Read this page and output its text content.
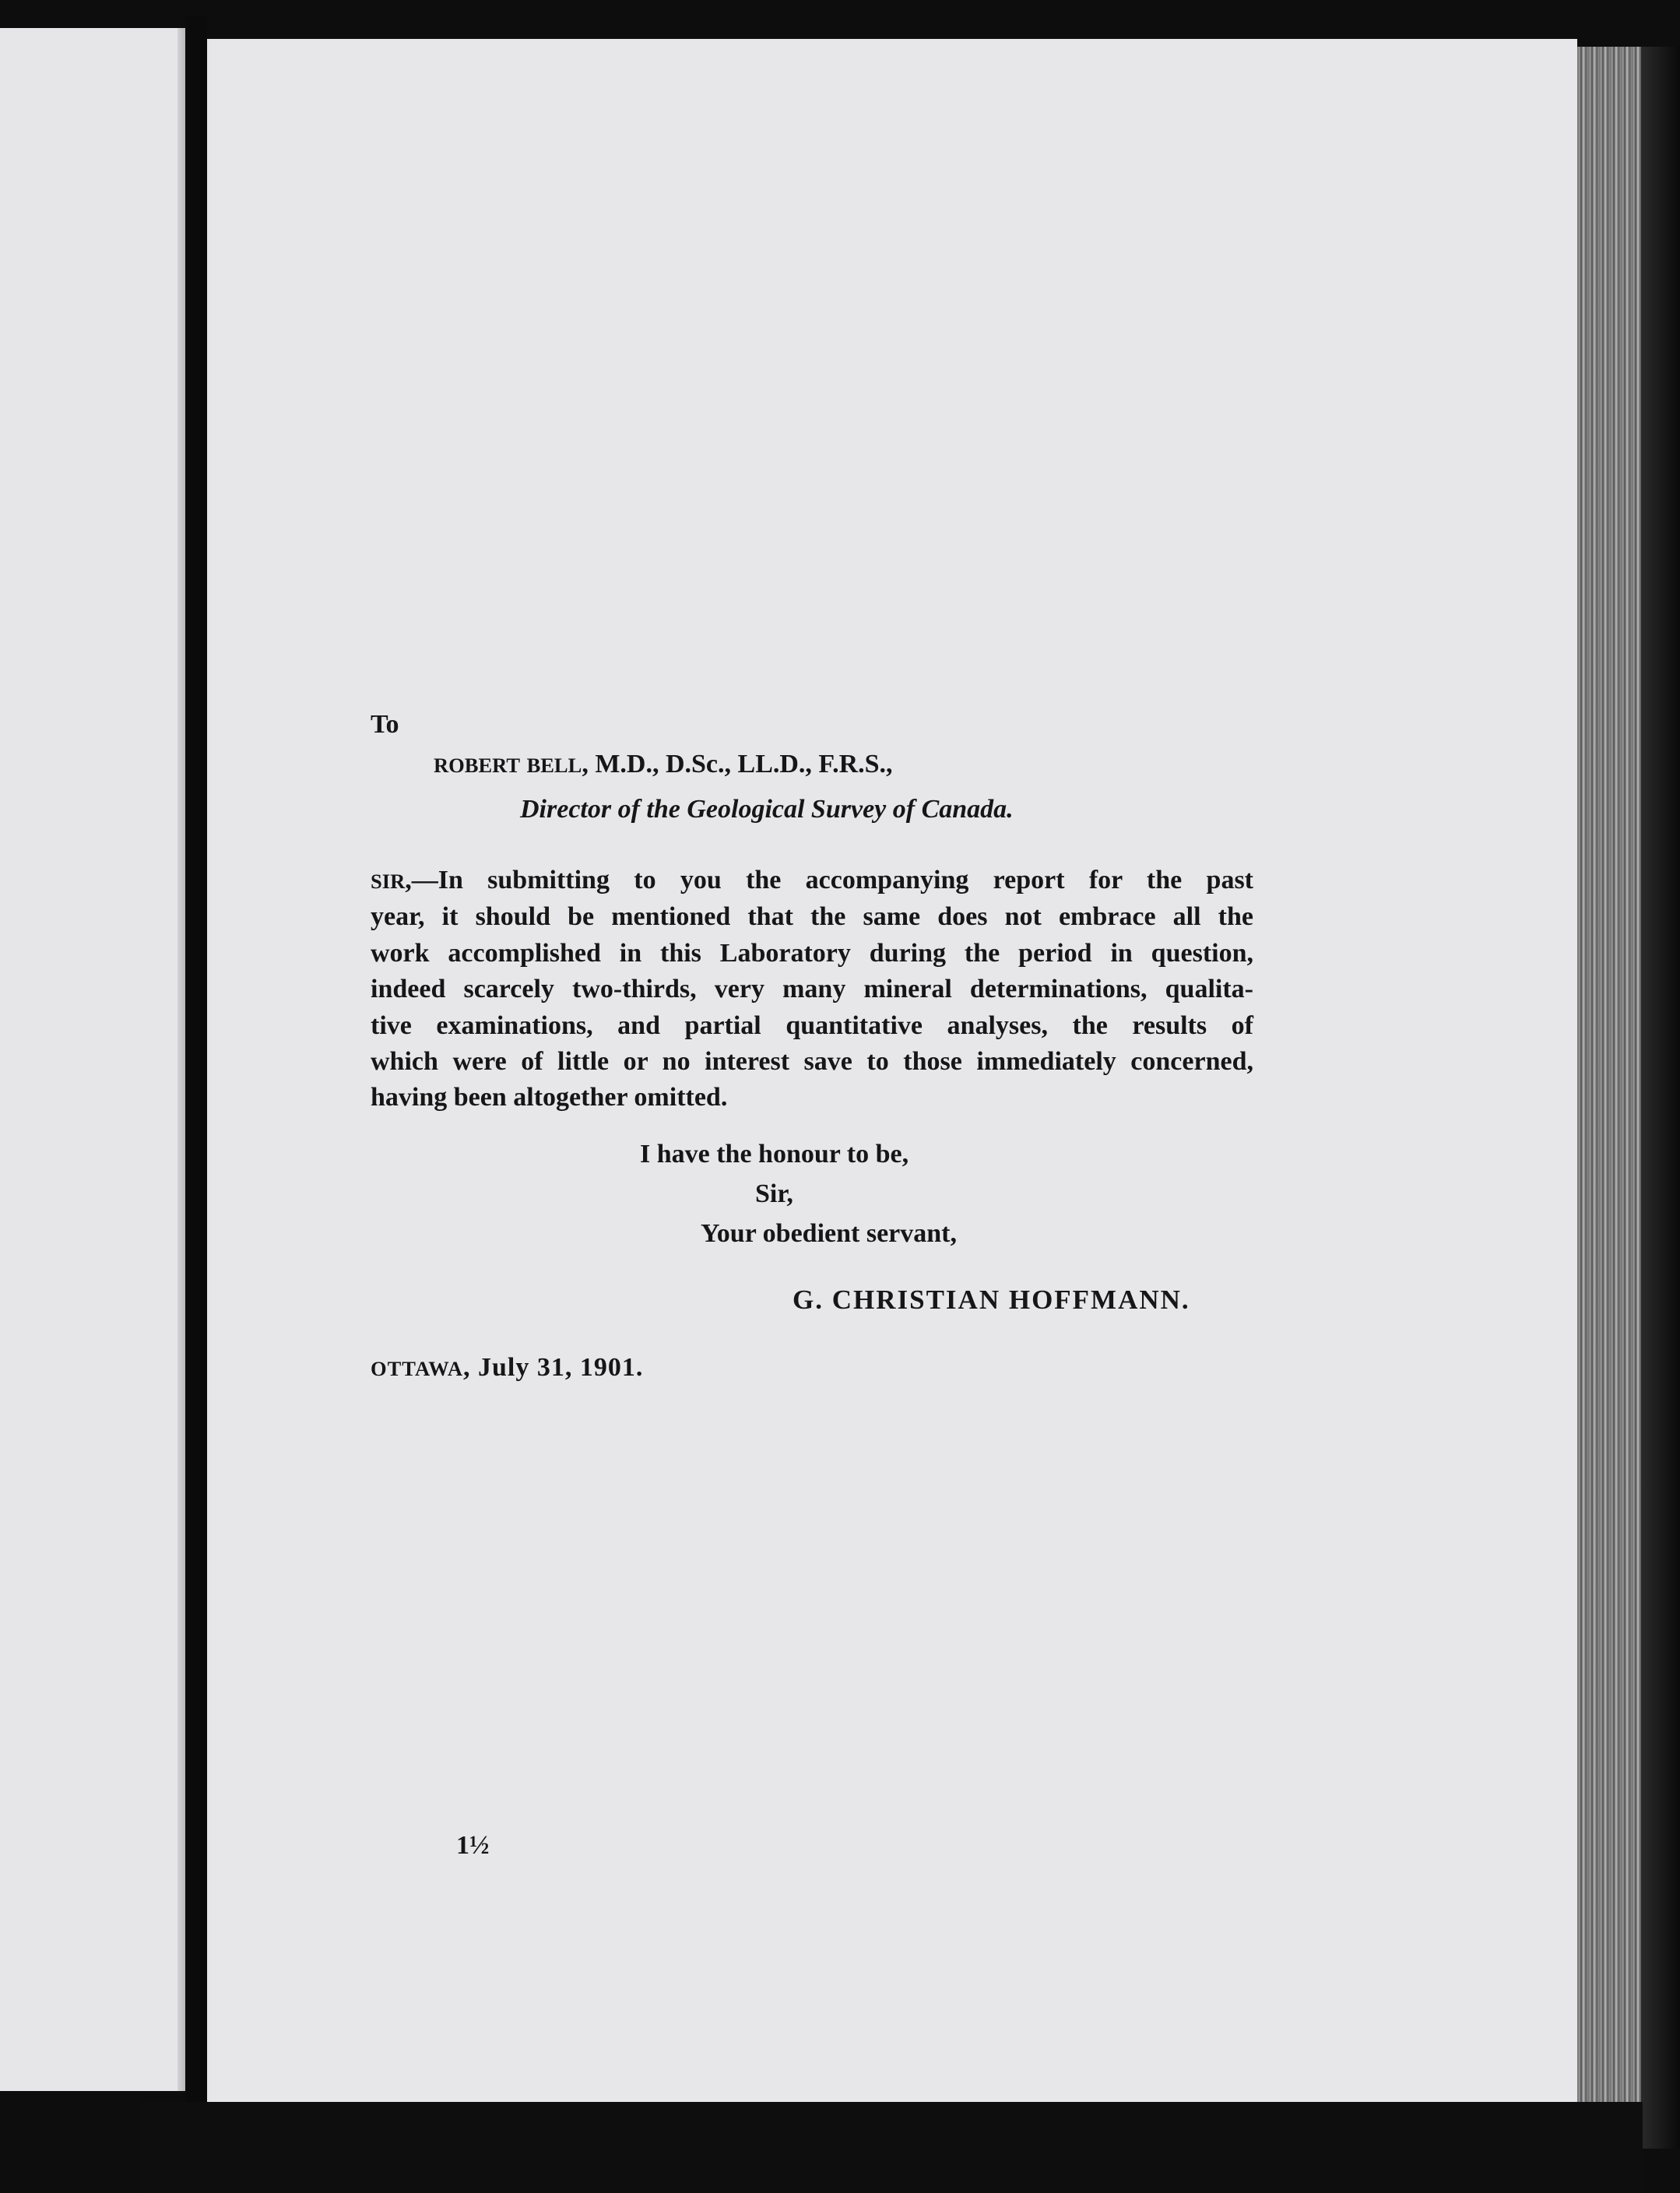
To

ROBERT BELL, M.D., D.Sc., LL.D., F.R.S.,

Director of the Geological Survey of Canada.

SIR,—In submitting to you the accompanying report for the past
year, it should be mentioned that the same does not embrace all the
work accomplished in this Laboratory during the period in question,
indeed scarcely two-thirds, very many mineral determinations, qualita-
tive examinations, and partial quantitative analyses, the results of
which were of little or no interest save to those immediately concerned,
having been altogether omitted.

I have the honour to be,

Sir,

Your obedient servant,

G. CHRISTIAN HOFFMANN.

OTTAWA, July 31, 1901.

1½
